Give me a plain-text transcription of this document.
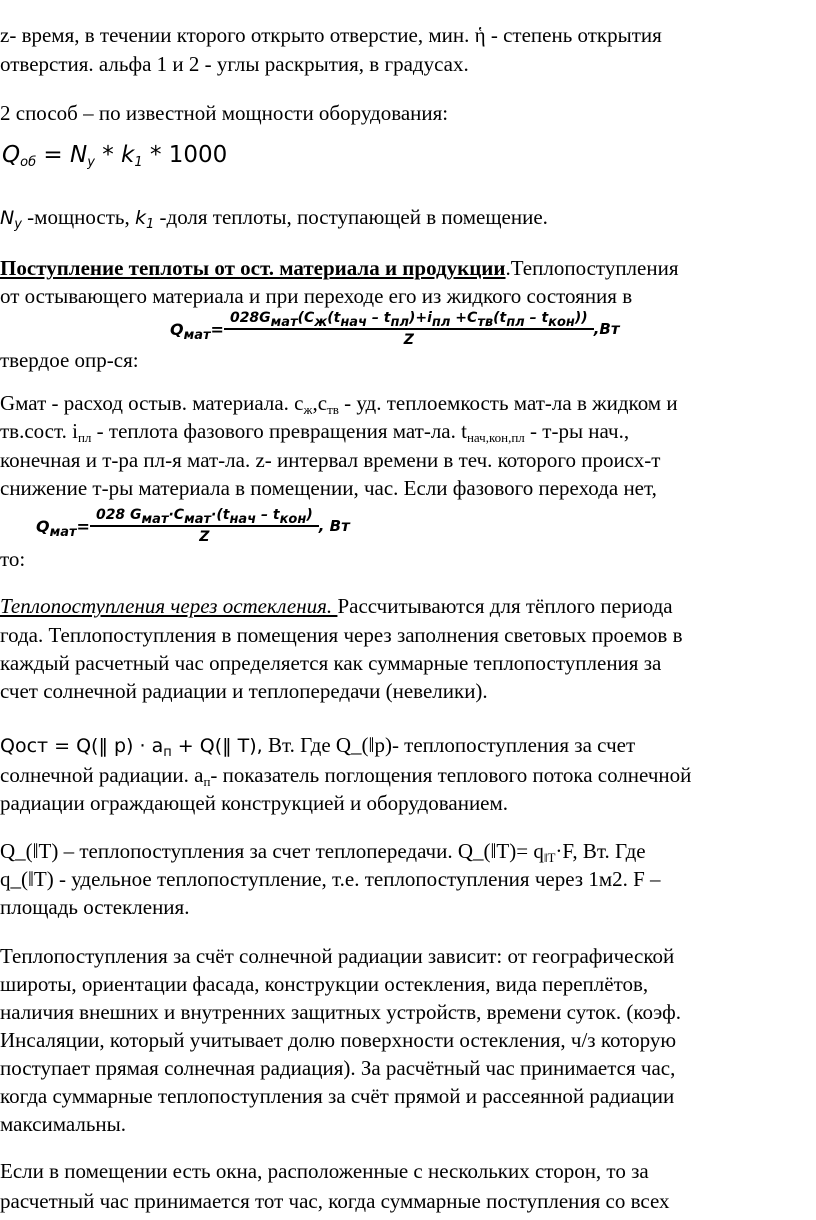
z- время, в течении кторого открыто отверстие, мин. ἡ - степень открытия
отверстия. альфа 1 и 2 - углы раскрытия, в градусах.
2 способ – по известной мощности оборудования:
$Q_{об} = N_у * k_1 * 1000$
$N_y$ -мощность, $k_1$ -доля теплоты, поступающей в помещение.
Поступление теплоты от ост. материала и продукции.Теплопоступления
от остывающего материала и при переходе его из жидкого состояния в
твердое опр-ся:
$Q_{мат}= \frac{028G_{мат}(C_ж(t_{нач} - t_{пл})+i_{пл} +C_{тв}(t_{пл} - t_{кон}))}{Z} ,Вт$
Gмат - расход остыв. материала. $с_ж,с_{тв}$ - уд. теплоемкость мат-ла в жидком и
тв.сост. $i_{пл}$ - теплота фазового превращения мат-ла. $t_{нач,кон,пл} - т-ры$ нач.,
конечная и т-ра пл-я мат-ла. z- интервал времени в теч. которого происх-т
снижение т-ры материала в помещении, час. Если фазового перехода нет,
$Q_{мат}= \frac{028 G_{мат}\cdot C_{мат}\cdot(t_{нач} - t_{кон})}{Z}$ , Вт
то:
Теплопоступления через остекления. Рассчитываются для тёплого периода
года. Теплопоступления в помещения через заполнения световых проемов в
каждый расчетный час определяется как суммарные теплопоступления за
счет солнечной радиации и теплопередачи (невелики).
Qост = Q(‖ $р) \cdot а_п$ + Q(‖ Т), Вт. Где Q_(‖р)- теплопоступления за счет
солнечной радиации. $а_п-$ показатель поглощения теплового потока солнечной
радиации ограждающей конструкцией и оборудованием.
Q_(‖T) – теплопоступления за счет теплопередачи. Q_(‖T)= $q_{‖T}\cdot F$, Вт. Где
q_(‖T) - удельное теплопоступление, т.е. теплопоступления через 1м2. F –
площадь остекления.
Теплопоступления за счёт солнечной радиации зависит: от географической
широты, ориентации фасада, конструкции остекления, вида переплётов,
наличия внешних и внутренних защитных устройств, времени суток. (коэф.
Инсаляции, который учитывает долю поверхности остекления, ч/з которую
поступает прямая солнечная радиация). За расчётный час принимается час,
когда суммарные теплопоступления за счёт прямой и рассеянной радиации
максимальны.
Если в помещении есть окна, расположенные с нескольких сторон, то за
расчетный час принимается тот час, когда суммарные поступления со всех
